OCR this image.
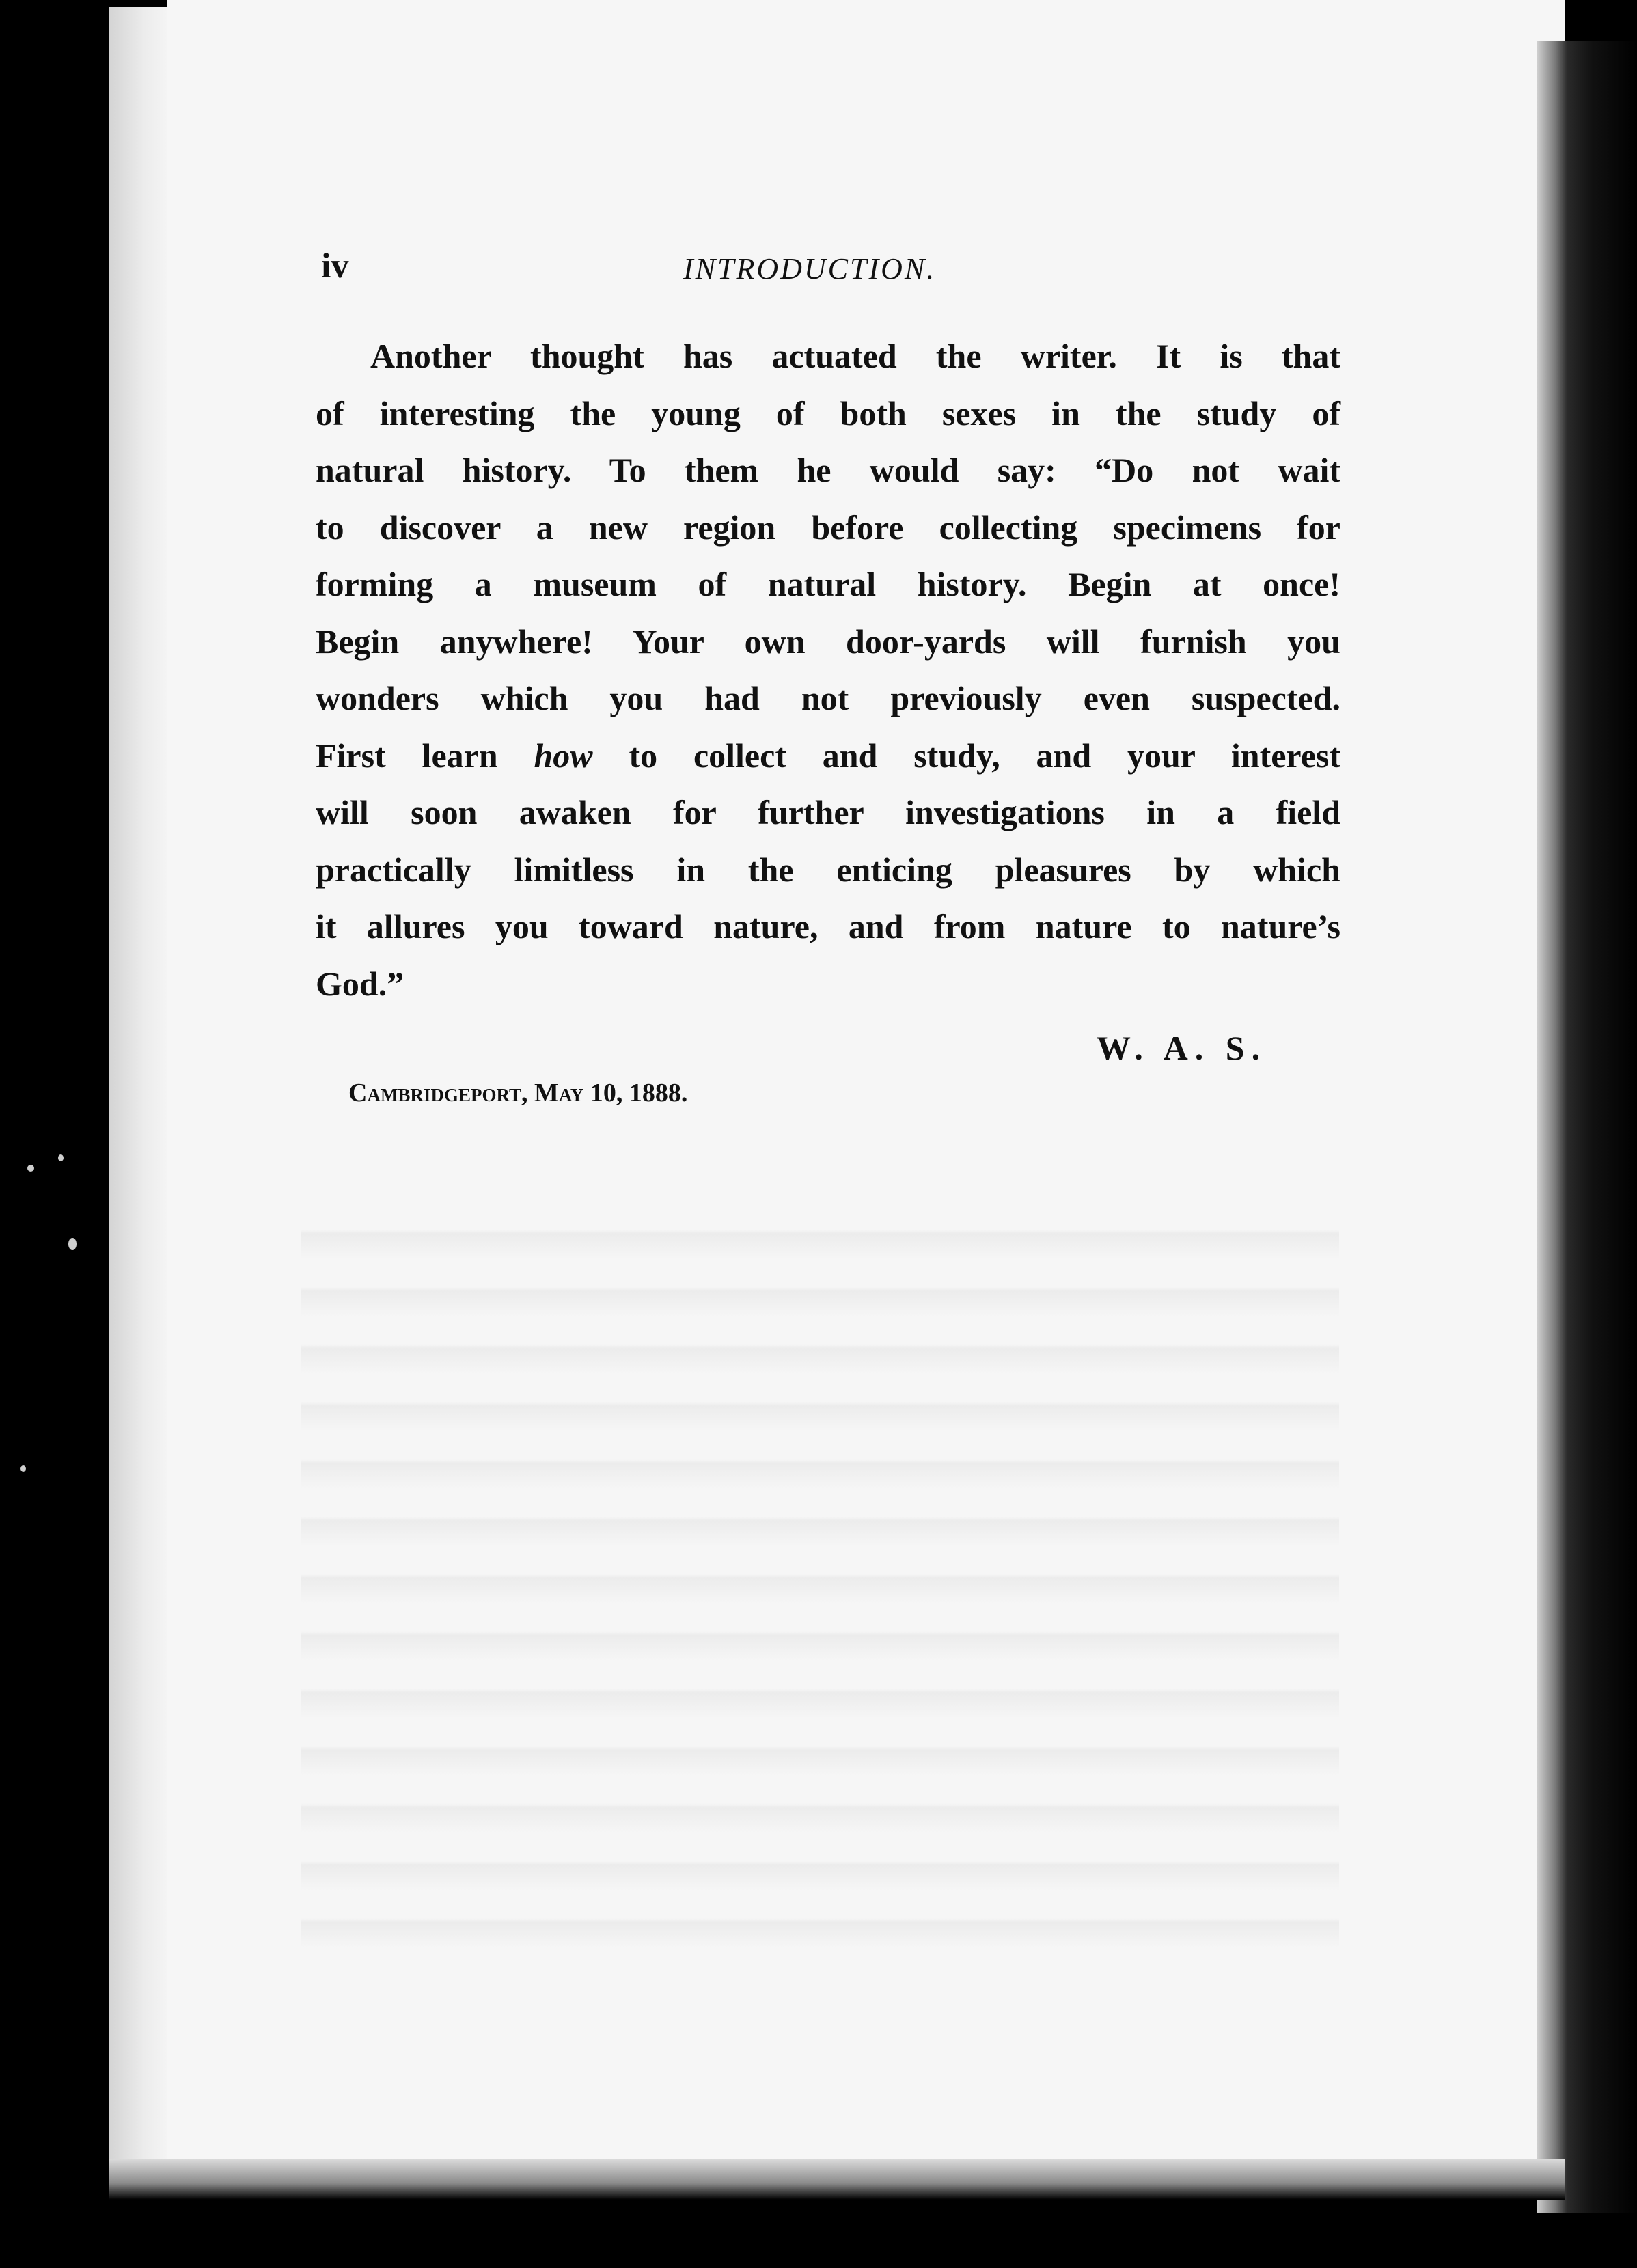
iv	INTRODUCTION.
Another thought has actuated the writer. It is that
of interesting the young of both sexes in the study of
natural history. To them he would say: “Do not wait
to discover a new region before collecting specimens for
forming a museum of natural history. Begin at once!
Begin anywhere! Your own door-yards will furnish you
wonders which you had not previously even suspected.
First learn how to collect and study, and your interest
will soon awaken for further investigations in a field
practically limitless in the enticing pleasures by which
it allures you toward nature, and from nature to nature’s
God.”
W. A. S.
Cambridgeport, May 10, 1888.
